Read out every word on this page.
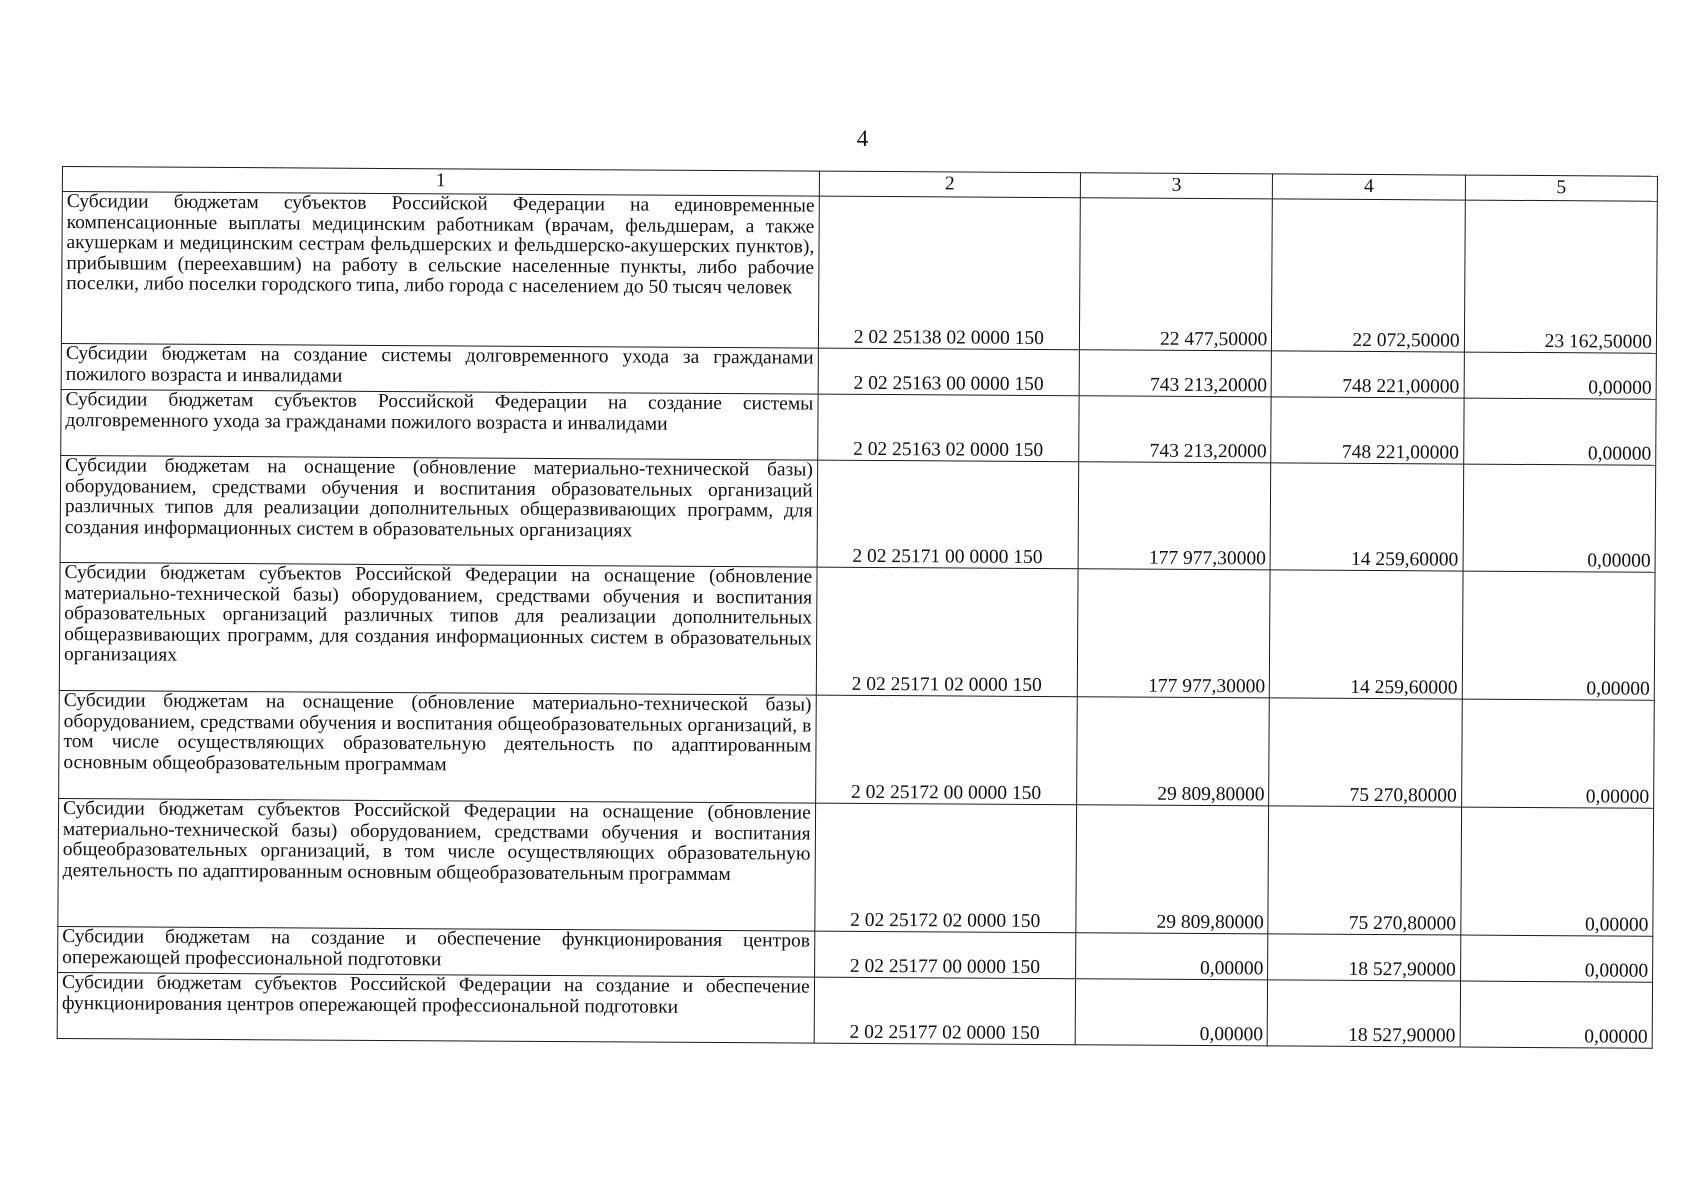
4
1	2	3	4	5
Субсидии бюджетам субъектов Российской Федерации на единовременные компенсационные выплаты медицинским работникам (врачам, фельдшерам, а также акушеркам и медицинским сестрам фельдшерских и фельдшерско-акушерских пунктов), прибывшим (переехавшим) на работу в сельские населенные пункты, либо рабочие поселки, либо поселки городского типа, либо города с населением до 50 тысяч человек	2 02 25138 02 0000 150	22 477,50000	22 072,50000	23 162,50000
Субсидии бюджетам на создание системы долговременного ухода за гражданами пожилого возраста и инвалидами	2 02 25163 00 0000 150	743 213,20000	748 221,00000	0,00000
Субсидии бюджетам субъектов Российской Федерации на создание системы долговременного ухода за гражданами пожилого возраста и инвалидами	2 02 25163 02 0000 150	743 213,20000	748 221,00000	0,00000
Субсидии бюджетам на оснащение (обновление материально-технической базы) оборудованием, средствами обучения и воспитания образовательных организаций различных типов для реализации дополнительных общеразвивающих программ, для создания информационных систем в образовательных организациях	2 02 25171 00 0000 150	177 977,30000	14 259,60000	0,00000
Субсидии бюджетам субъектов Российской Федерации на оснащение (обновление материально-технической базы) оборудованием, средствами обучения и воспитания образовательных организаций различных типов для реализации дополнительных общеразвивающих программ, для создания информационных систем в образовательных организациях	2 02 25171 02 0000 150	177 977,30000	14 259,60000	0,00000
Субсидии бюджетам на оснащение (обновление материально-технической базы) оборудованием, средствами обучения и воспитания общеобразовательных организаций, в том числе осуществляющих образовательную деятельность по адаптированным основным общеобразовательным программам	2 02 25172 00 0000 150	29 809,80000	75 270,80000	0,00000
Субсидии бюджетам субъектов Российской Федерации на оснащение (обновление материально-технической базы) оборудованием, средствами обучения и воспитания общеобразовательных организаций, в том числе осуществляющих образовательную деятельность по адаптированным основным общеобразовательным программам	2 02 25172 02 0000 150	29 809,80000	75 270,80000	0,00000
Субсидии бюджетам на создание и обеспечение функционирования центров опережающей профессиональной подготовки	2 02 25177 00 0000 150	0,00000	18 527,90000	0,00000
Субсидии бюджетам субъектов Российской Федерации на создание и обеспечение функционирования центров опережающей профессиональной подготовки	2 02 25177 02 0000 150	0,00000	18 527,90000	0,00000
